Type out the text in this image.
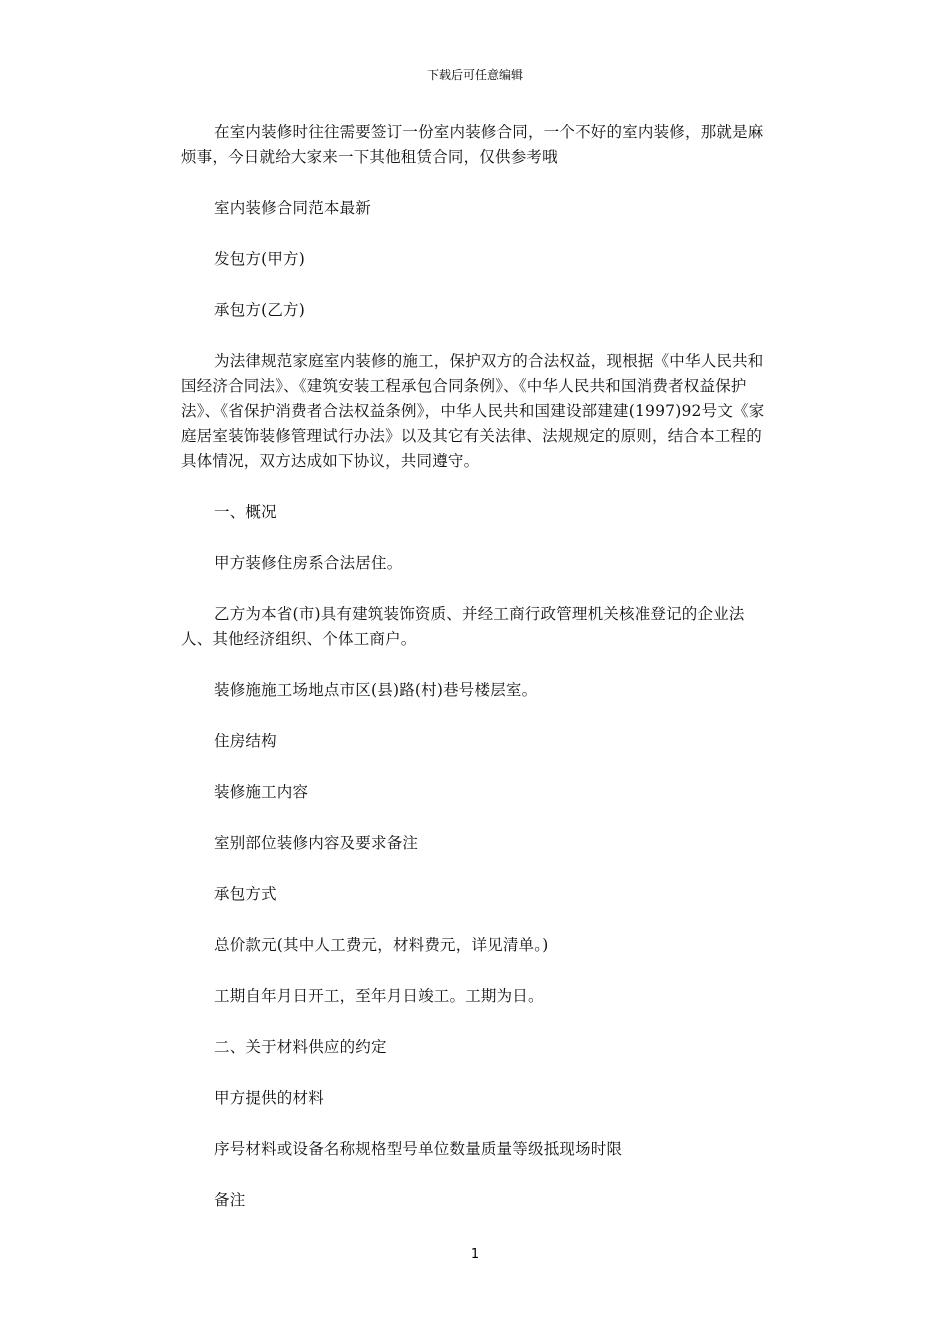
下载后可任意编辑

在室内装修时往往需要签订一份室内装修合同，一个不好的室内装修，那就是麻烦事，今日就给大家来一下其他租赁合同，仅供参考哦

室内装修合同范本最新

发包方(甲方)

承包方(乙方)

为法律规范家庭室内装修的施工，保护双方的合法权益，现根据《中华人民共和国经济合同法》、《建筑安装工程承包合同条例》、《中华人民共和国消费者权益保护法》、《省保护消费者合法权益条例》，中华人民共和国建设部建建(1997)92号文《家庭居室装饰装修管理试行办法》以及其它有关法律、法规规定的原则，结合本工程的具体情况，双方达成如下协议，共同遵守。

一、概况

甲方装修住房系合法居住。

乙方为本省(市)具有建筑装饰资质、并经工商行政管理机关核准登记的企业法人、其他经济组织、个体工商户。

装修施施工场地点市区(县)路(村)巷号楼层室。

住房结构

装修施工内容

室别部位装修内容及要求备注

承包方式

总价款元(其中人工费元，材料费元，详见清单。)

工期自年月日开工，至年月日竣工。工期为日。

二、关于材料供应的约定

甲方提供的材料

序号材料或设备名称规格型号单位数量质量等级抵现场时限

备注

1
